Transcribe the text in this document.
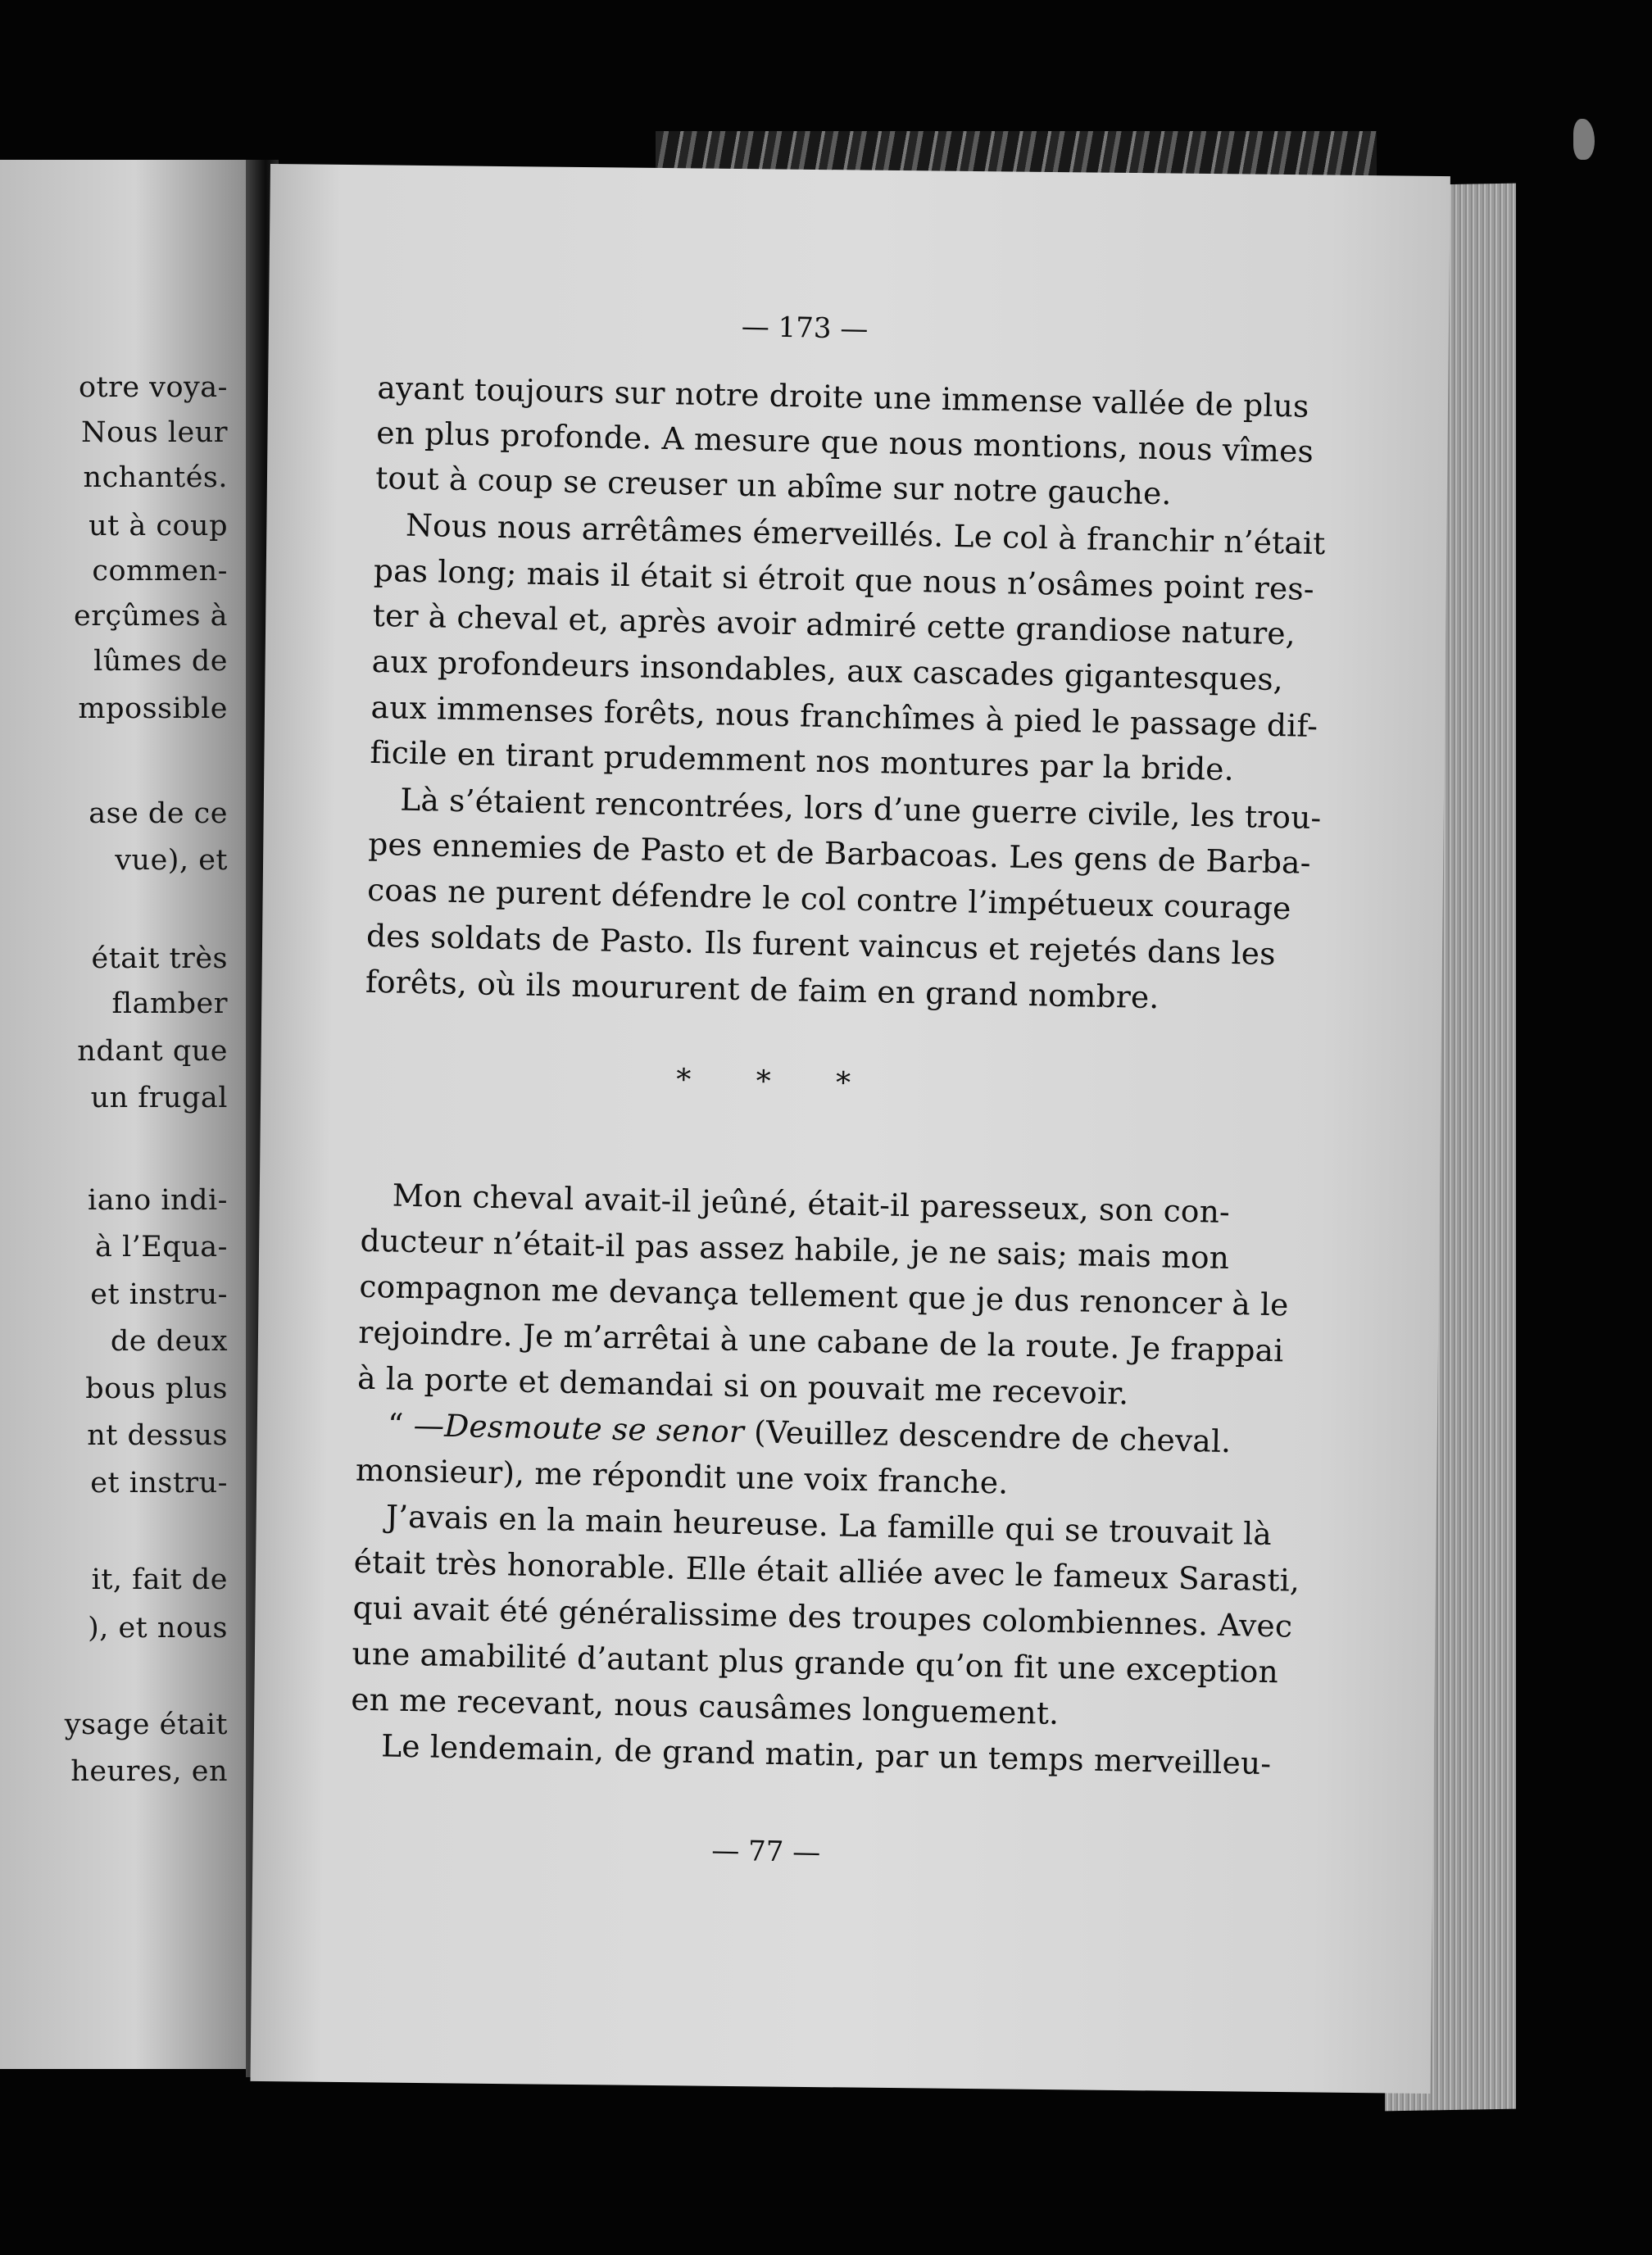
otre voya-
Nous leur
nchantés.
ut à coup
commen-
erçûmes à
lûmes de
mpossible
ase de ce
vue), et
était très
flamber
ndant que
un frugal
iano indi-
à l’Equa-
et instru-
de deux
bous plus
nt dessus
et instru-
it, fait de
), et nous
ysage était
heures, en
— 173 —
ayant toujours sur notre droite une immense vallée de plus
en plus profonde. A mesure que nous montions, nous vîmes
tout à coup se creuser un abîme sur notre gauche.
Nous nous arrêtâmes émerveillés. Le col à franchir n’était
pas long; mais il était si étroit que nous n’osâmes point res-
ter à cheval et, après avoir admiré cette grandiose nature,
aux profondeurs insondables, aux cascades gigantesques,
aux immenses forêts, nous franchîmes à pied le passage dif-
ficile en tirant prudemment nos montures par la bride.
Là s’étaient rencontrées, lors d’une guerre civile, les trou-
pes ennemies de Pasto et de Barbacoas. Les gens de Barba-
coas ne purent défendre le col contre l’impétueux courage
des soldats de Pasto. Ils furent vaincus et rejetés dans les
forêts, où ils moururent de faim en grand nombre.
* * *
Mon cheval avait-il jeûné, était-il paresseux, son con-
ducteur n’était-il pas assez habile, je ne sais; mais mon
compagnon me devança tellement que je dus renoncer à le
rejoindre. Je m’arrêtai à une cabane de la route. Je frappai
à la porte et demandai si on pouvait me recevoir.
“ —Desmoute se senor (Veuillez descendre de cheval.
monsieur), me répondit une voix franche.
J’avais en la main heureuse. La famille qui se trouvait là
était très honorable. Elle était alliée avec le fameux Sarasti,
qui avait été généralissime des troupes colombiennes. Avec
une amabilité d’autant plus grande qu’on fit une exception
en me recevant, nous causâmes longuement.
Le lendemain, de grand matin, par un temps merveilleu-
— 77 —
